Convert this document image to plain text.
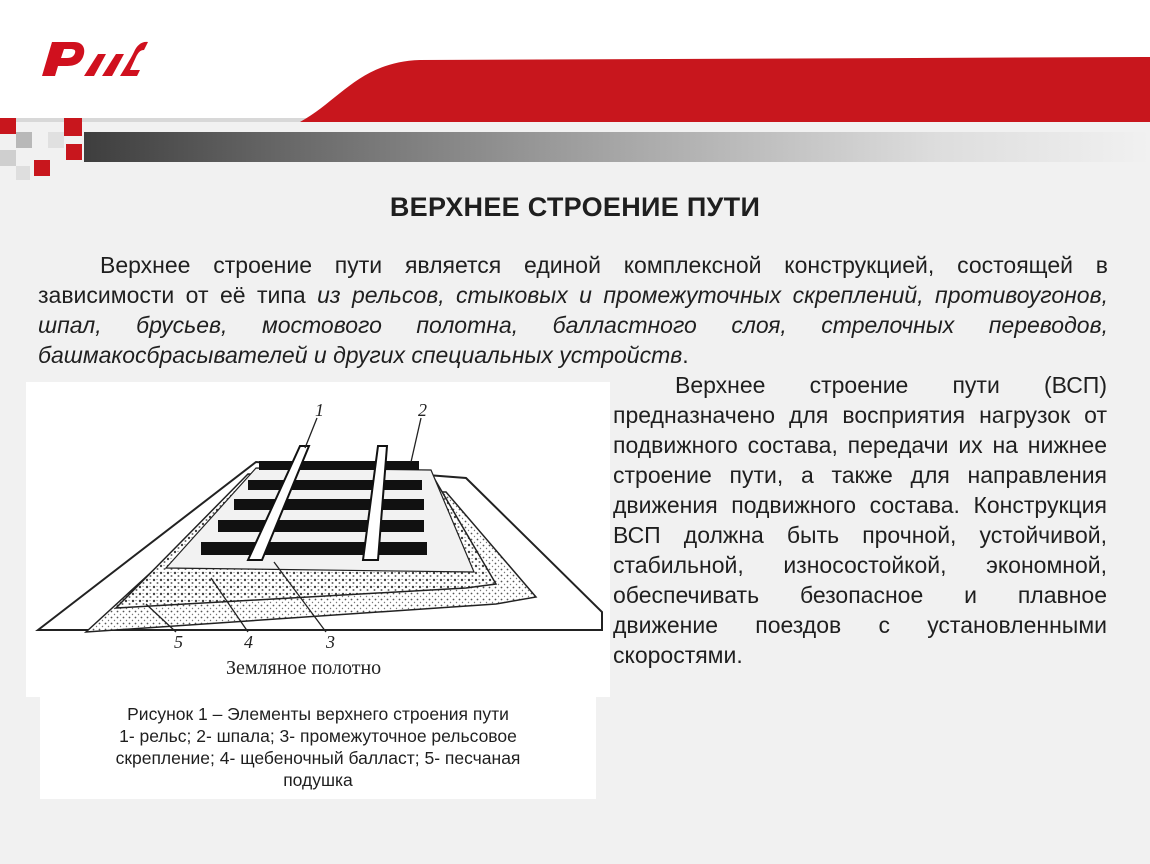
ВЕРХНЕЕ СТРОЕНИЕ ПУТИ

Верхнее строение пути является единой комплексной конструкцией, состоящей в зависимости от её типа из рельсов, стыковых и промежуточных скреплений, противоугонов, шпал, брусьев, мостового полотна, балластного слоя, стрелочных переводов, башмакосбрасывателей и других специальных устройств.

1	2
3
4
5
Земляное полотно
Рисунок 1 – Элементы верхнего строения пути
1- рельс; 2- шпала; 3- промежуточное рельсовое
скрепление; 4- щебеночный балласт; 5- песчаная
подушка

Верхнее строение пути (ВСП) предназначено для восприятия нагрузок от подвижного состава, передачи их на нижнее строение пути, а также для направления движения подвижного состава. Конструкция ВСП должна быть прочной, устойчивой, стабильной, износостойкой, экономной, обеспечивать безопасное и плавное движение поездов с установленными скоростями.
